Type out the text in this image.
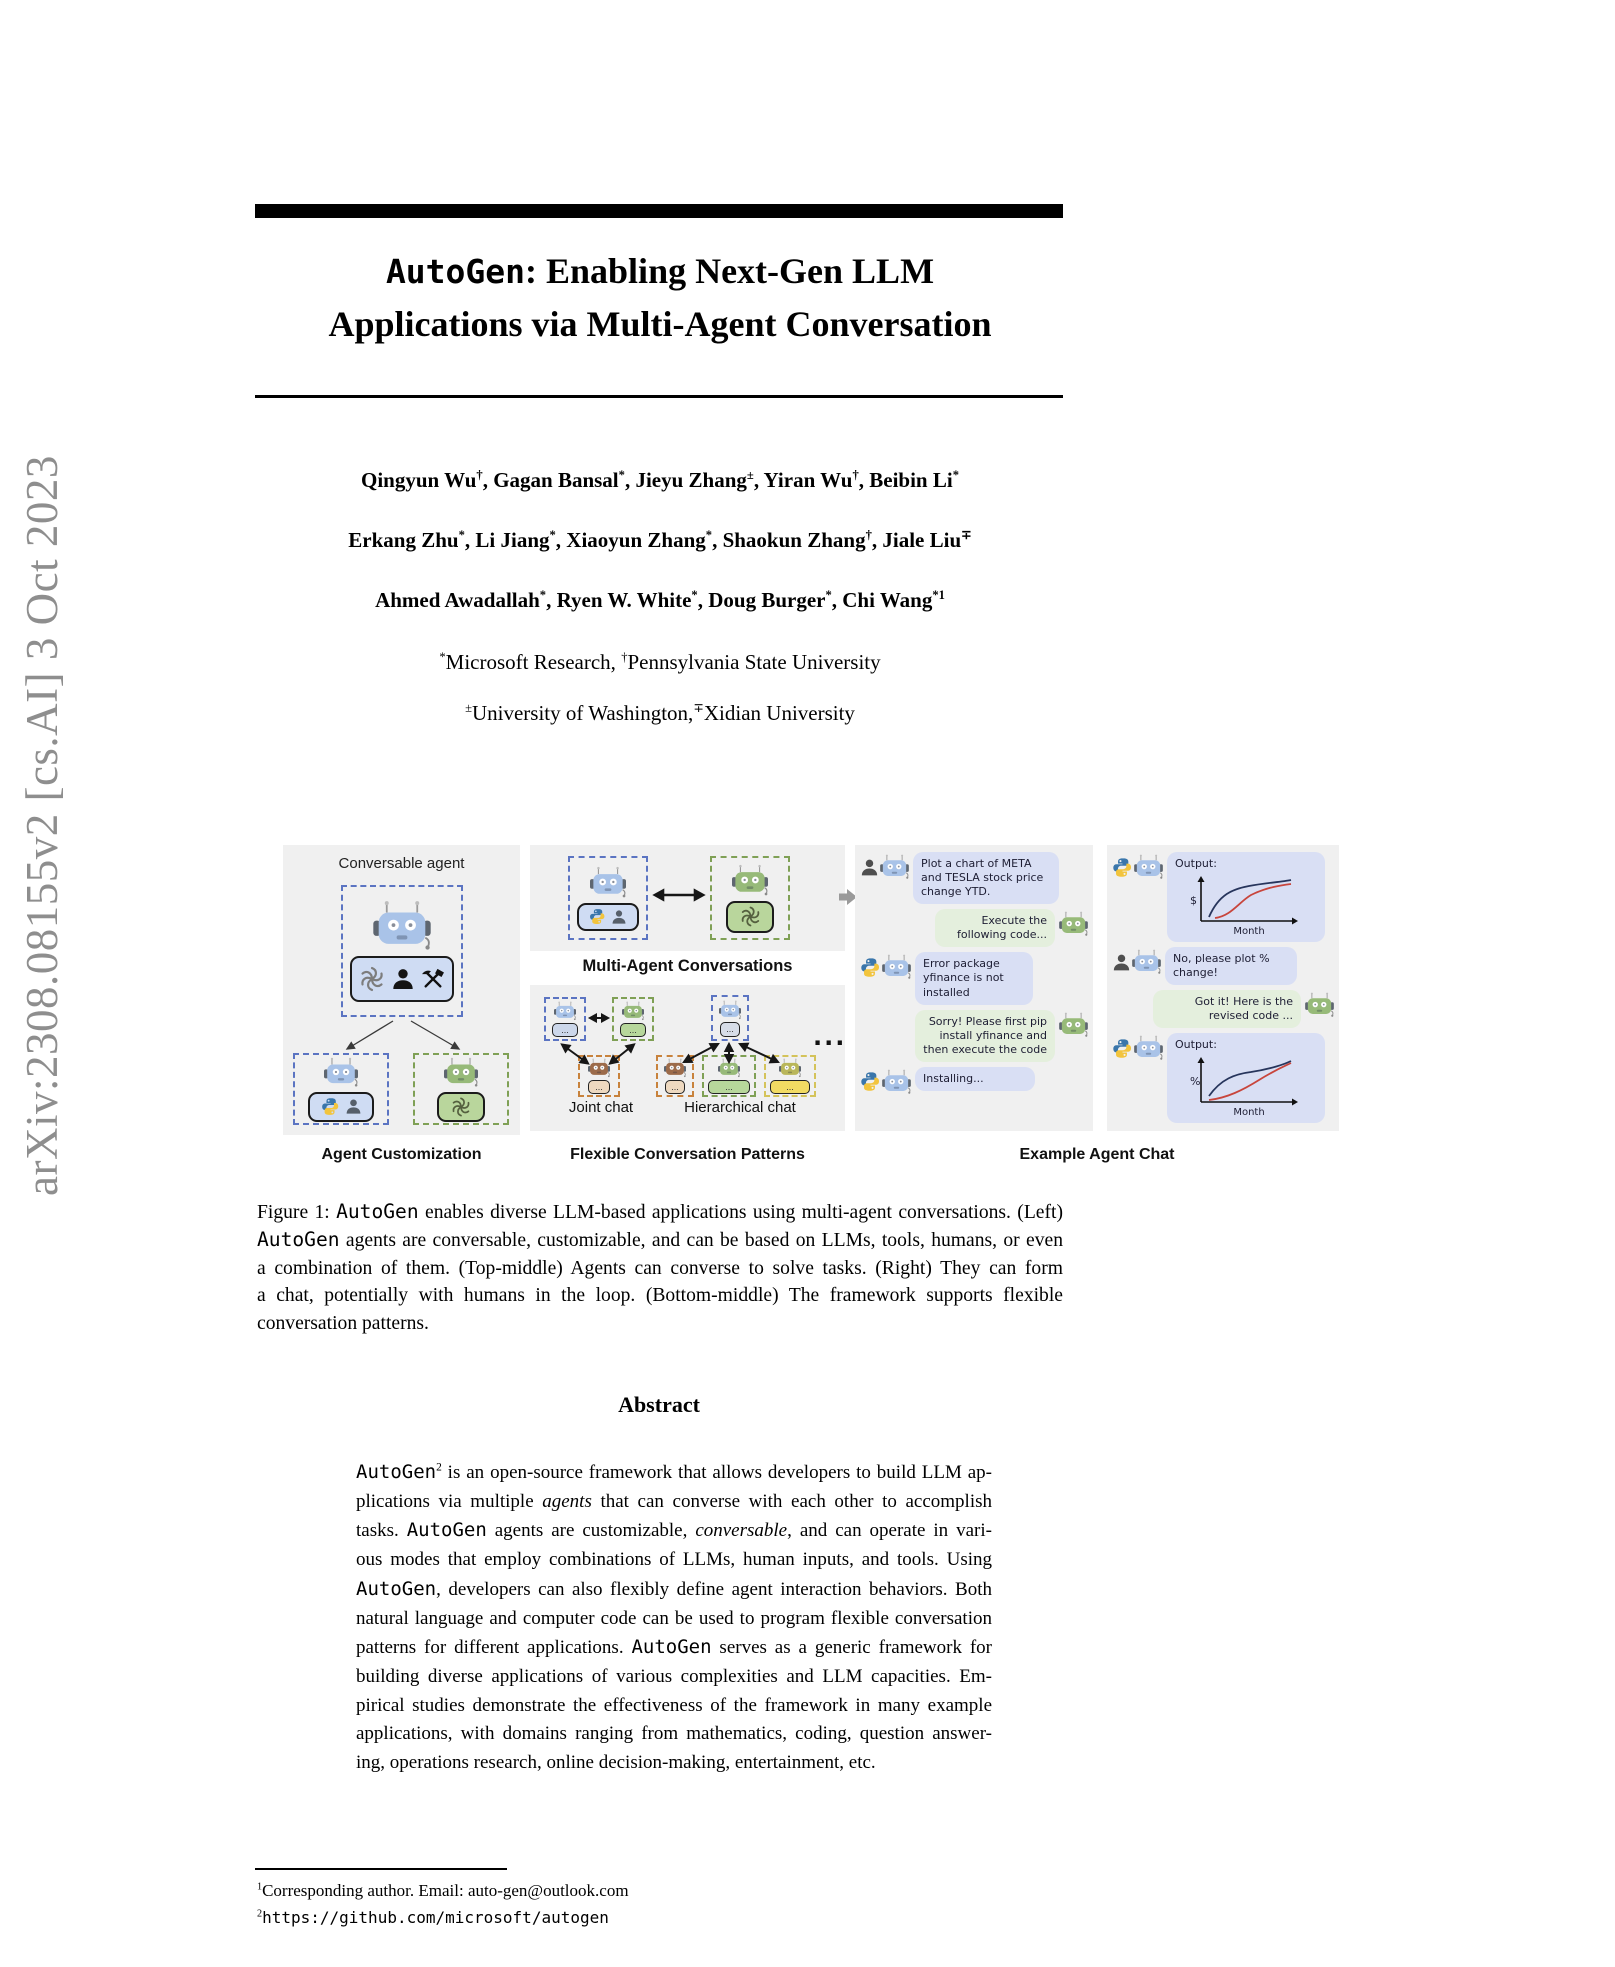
arXiv:2308.08155v2 [cs.AI] 3 Oct 2023
AutoGen: Enabling Next-Gen LLM
Applications via Multi-Agent Conversation
Qingyun Wu†, Gagan Bansal*, Jieyu Zhang±, Yiran Wu†, Beibin Li*
Erkang Zhu*, Li Jiang*, Xiaoyun Zhang*, Shaokun Zhang†, Jiale Liu∓
Ahmed Awadallah*, Ryen W. White*, Doug Burger*, Chi Wang$^{*1}$
*Microsoft Research, †Pennsylvania State University
±University of Washington,∓Xidian University
Conversable agent
Multi-Agent Conversations
...	...
...
...
...	...	...
...
Joint chat	Hierarchical chat
Plot a chart of META and TESLA stock price change YTD.
Execute the following code...
Error package yfinance is not installed
Sorry! Please first pip install yfinance and then execute the code
Installing...
Output:
$
Month
No, please plot % change!
Got it! Here is the revised code ...
Output:
%
Month
Agent Customization	Flexible Conversation Patterns	Example Agent Chat
Figure 1: AutoGen enables diverse LLM-based applications using multi-agent conversations. (Left)
AutoGen agents are conversable, customizable, and can be based on LLMs, tools, humans, or even
a combination of them. (Top-middle) Agents can converse to solve tasks. (Right) They can form
a chat, potentially with humans in the loop. (Bottom-middle) The framework supports flexible
conversation patterns.
Abstract
AutoGen$^2$ is an open-source framework that allows developers to build LLM ap-
plications via multiple agents that can converse with each other to accomplish
tasks. AutoGen agents are customizable, conversable, and can operate in vari-
ous modes that employ combinations of LLMs, human inputs, and tools. Using
AutoGen, developers can also flexibly define agent interaction behaviors. Both
natural language and computer code can be used to program flexible conversation
patterns for different applications. AutoGen serves as a generic framework for
building diverse applications of various complexities and LLM capacities. Em-
pirical studies demonstrate the effectiveness of the framework in many example
applications, with domains ranging from mathematics, coding, question answer-
ing, operations research, online decision-making, entertainment, etc.
$^1$Corresponding author. Email: auto-gen@outlook.com
$^2$https://github.com/microsoft/autogen
